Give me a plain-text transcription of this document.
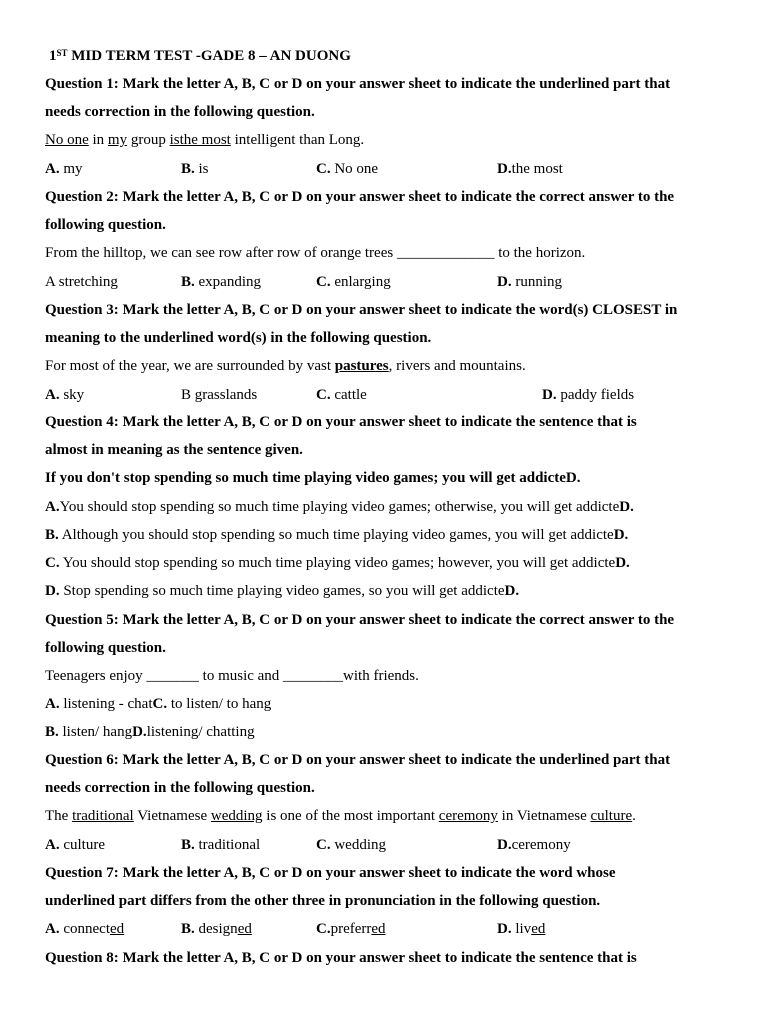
1ST MID TERM TEST -GADE 8 – AN DUONG
Question 1: Mark the letter A, B, C or D on your answer sheet to indicate the underlined part that
needs correction in the following question.
No one in my group isthe most intelligent than Long.
A. my	B. is	C. No one	D.the most
Question 2: Mark the letter A, B, C or D on your answer sheet to indicate the correct answer to the
following question.
From the hilltop, we can see row after row of orange trees _____________ to the horizon.
A stretching	B. expanding	C. enlarging	D. running
Question 3: Mark the letter A, B, C or D on your answer sheet to indicate the word(s) CLOSEST in
meaning to the underlined word(s) in the following question.
For most of the year, we are surrounded by vast pastures, rivers and mountains.
A. sky	B grasslands	C. cattle	D. paddy fields
Question 4: Mark the letter A, B, C or D on your answer sheet to indicate the sentence that is
almost in meaning as the sentence given.
If you don't stop spending so much time playing video games; you will get addicteD.
A.You should stop spending so much time playing video games; otherwise, you will get addicteD.
B. Although you should stop spending so much time playing video games, you will get addicteD.
C. You should stop spending so much time playing video games; however, you will get addicteD.
D. Stop spending so much time playing video games, so you will get addicteD.
Question 5: Mark the letter A, B, C or D on your answer sheet to indicate the correct answer to the
following question.
Teenagers enjoy _______ to music and ________with friends.
A. listening - chatC. to listen/ to hang
B. listen/ hangD.listening/ chatting
Question 6: Mark the letter A, B, C or D on your answer sheet to indicate the underlined part that
needs correction in the following question.
The traditional Vietnamese wedding is one of the most important ceremony in Vietnamese culture.
A. culture	B. traditional	C. wedding	D.ceremony
Question 7: Mark the letter A, B, C or D on your answer sheet to indicate the word whose
underlined part differs from the other three in pronunciation in the following question.
A. connected	B. designed	C.preferred	D. lived
Question 8: Mark the letter A, B, C or D on your answer sheet to indicate the sentence that is
